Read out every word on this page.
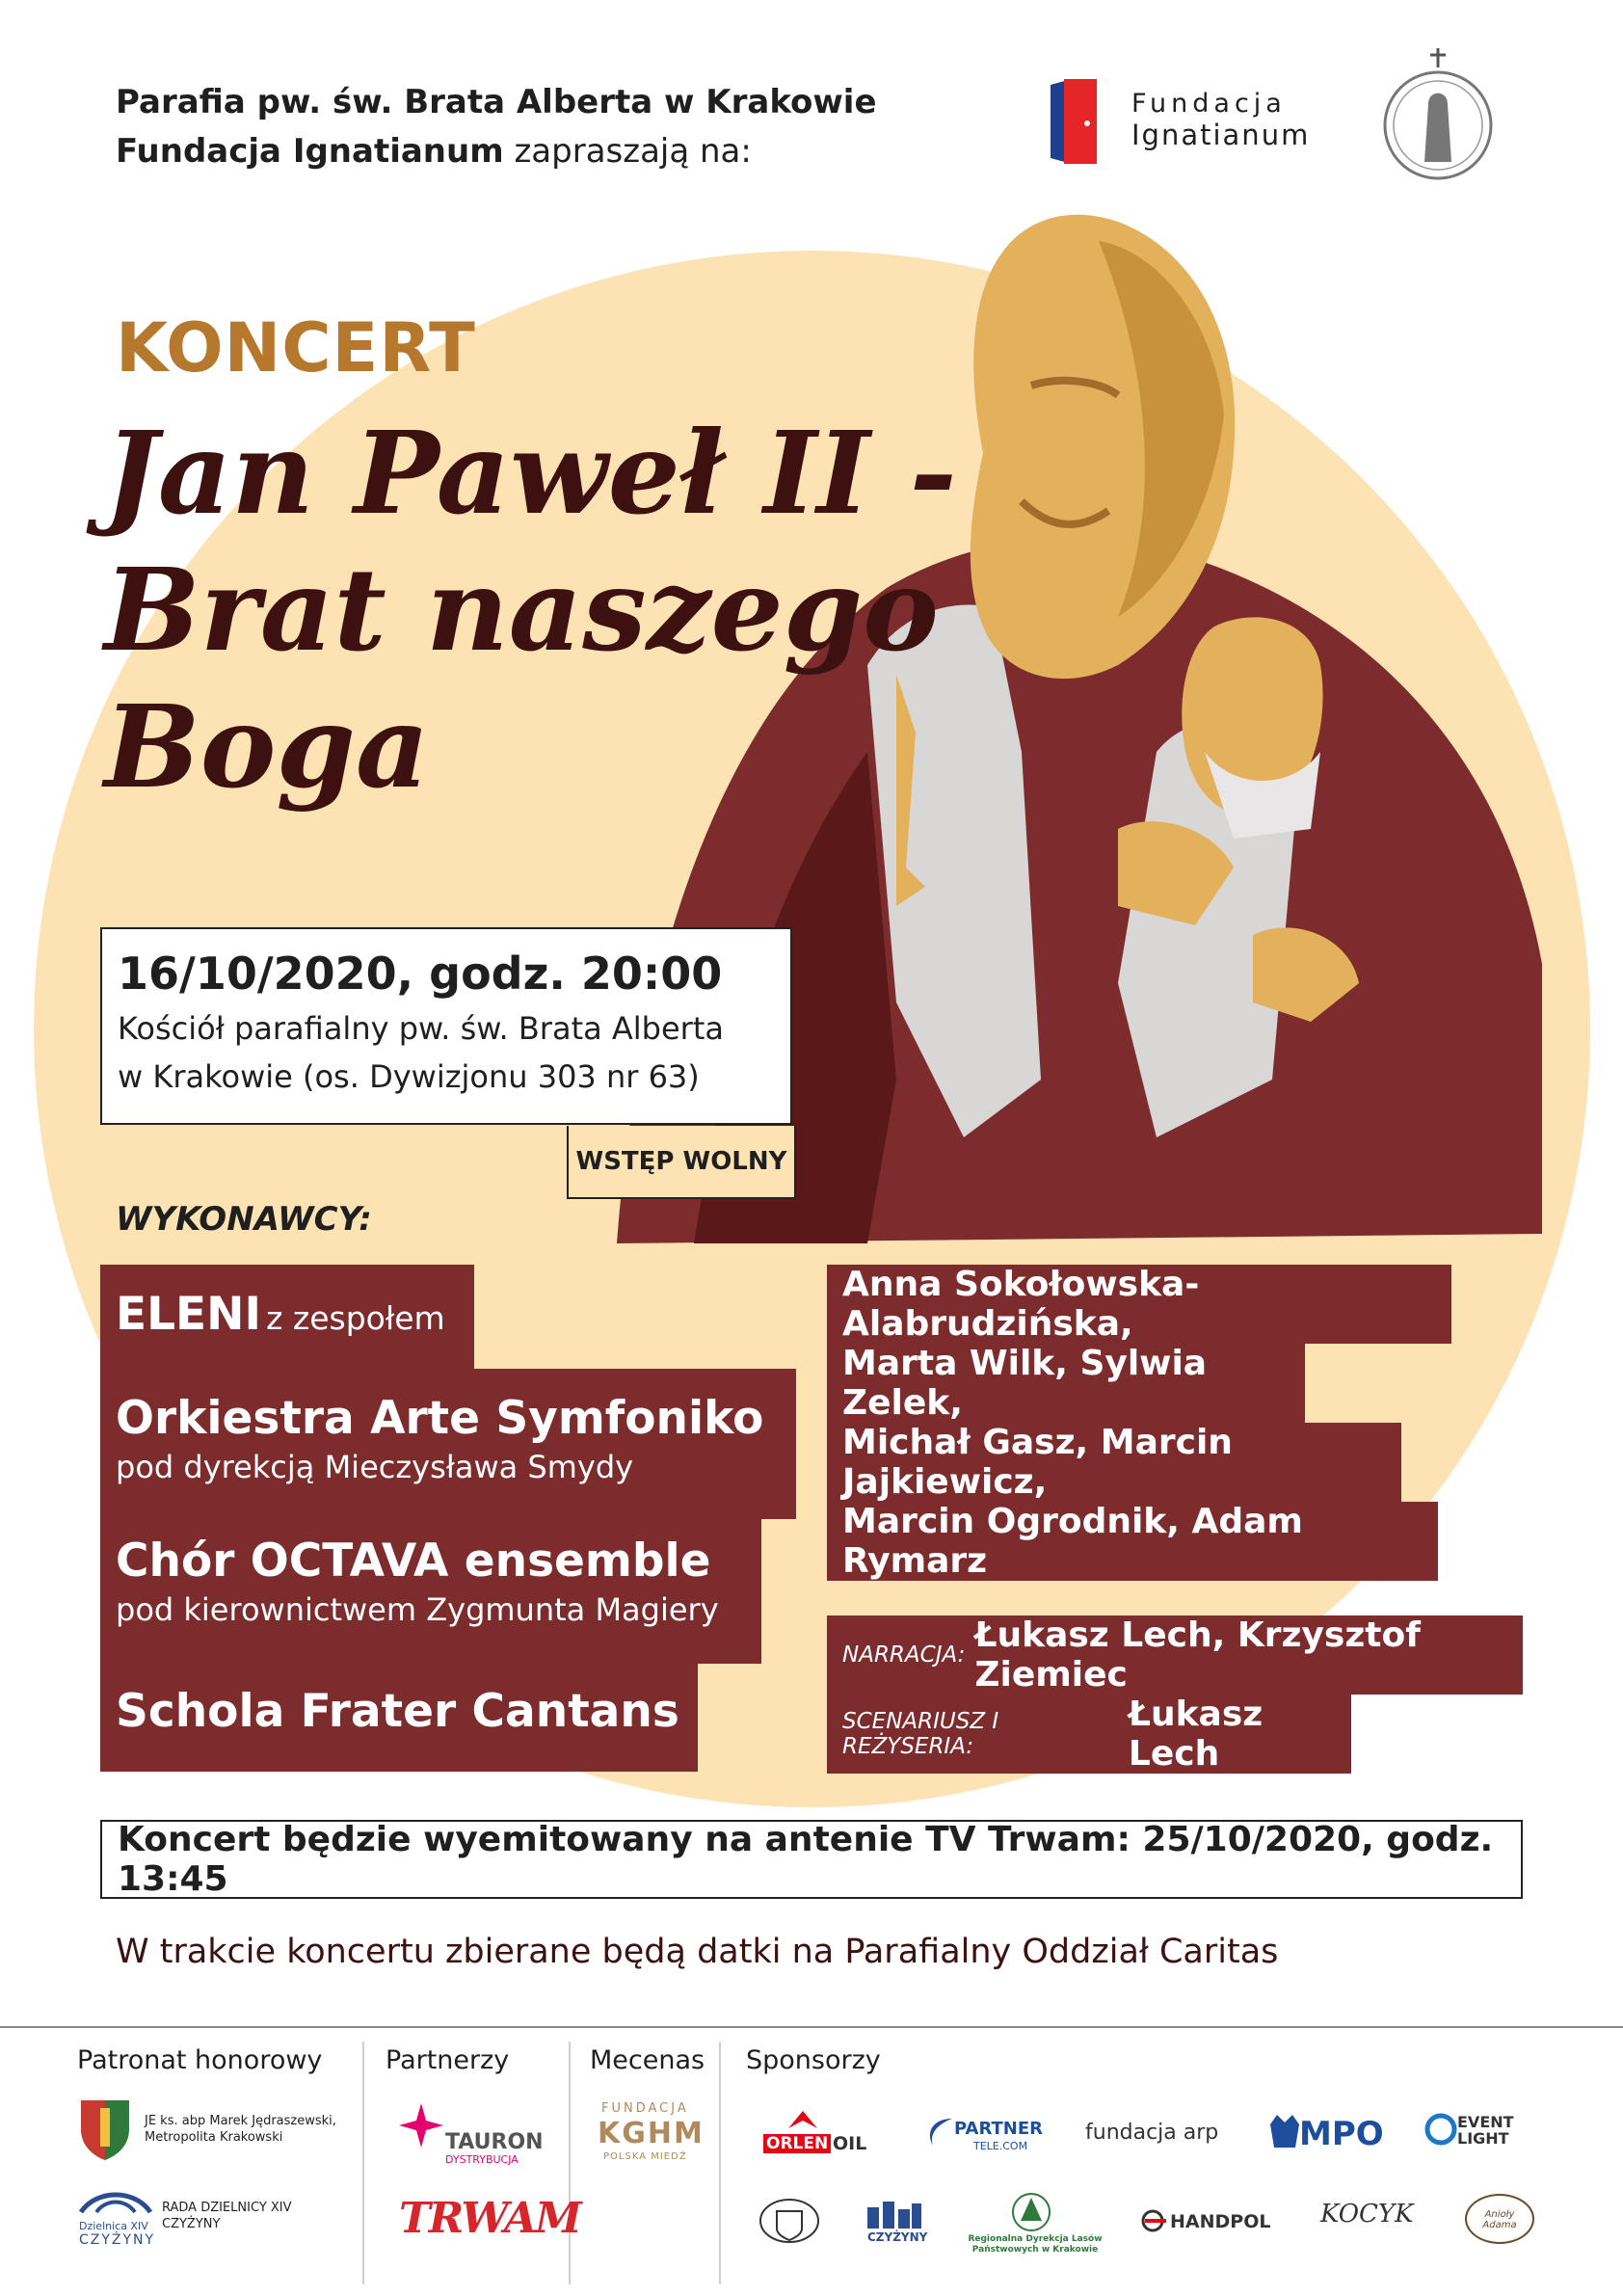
Parafia pw. św. Brata Alberta w Krakowie
Fundacja Ignatianum zapraszają na:
Fundacja
Ignatianum
KONCERT
Jan Paweł II -
Brat naszego
Boga
16/10/2020, godz. 20:00
Kościół parafialny pw. św. Brata Alberta
w Krakowie (os. Dywizjonu 303 nr 63)
WSTĘP WOLNY
WYKONAWCY:
ELENI z zespołem
Orkiestra Arte Symfoniko
pod dyrekcją Mieczysława Smydy
Chór OCTAVA ensemble
pod kierownictwem Zygmunta Magiery
Schola Frater Cantans
Anna Sokołowska-Alabrudzińska,
Marta Wilk, Sylwia Zelek,
Michał Gasz, Marcin Jajkiewicz,
Marcin Ogrodnik, Adam Rymarz
NARRACJA: Łukasz Lech, Krzysztof Ziemiec
SCENARIUSZ I REŻYSERIA:
Łukasz Lech
Koncert będzie wyemitowany na antenie TV Trwam: 25/10/2020, godz. 13:45
W trakcie koncertu zbierane będą datki na Parafialny Oddział Caritas
Patronat honorowy Partnerzy	Mecenas Sponsorzy
JE ks. abp Marek Jędraszewski, Metropolita Krakowski
Dzielnica XIV
CZYŻYNY
RADA DZIELNICY XIV CZYŻYNY
TAURON
DYSTRYBUCJA
TRWAM
FUNDACJA
KGHM
POLSKA MIEDŹ
ORLEN OIL
PARTNER
TELE.COM
fundacja arp MPO	EVENT
LIGHT
CZYŻYNY	Regionalna Dyrekcja Lasów Państwowych w Krakowie
HANDPOL KOCYK	Anioły Adama
